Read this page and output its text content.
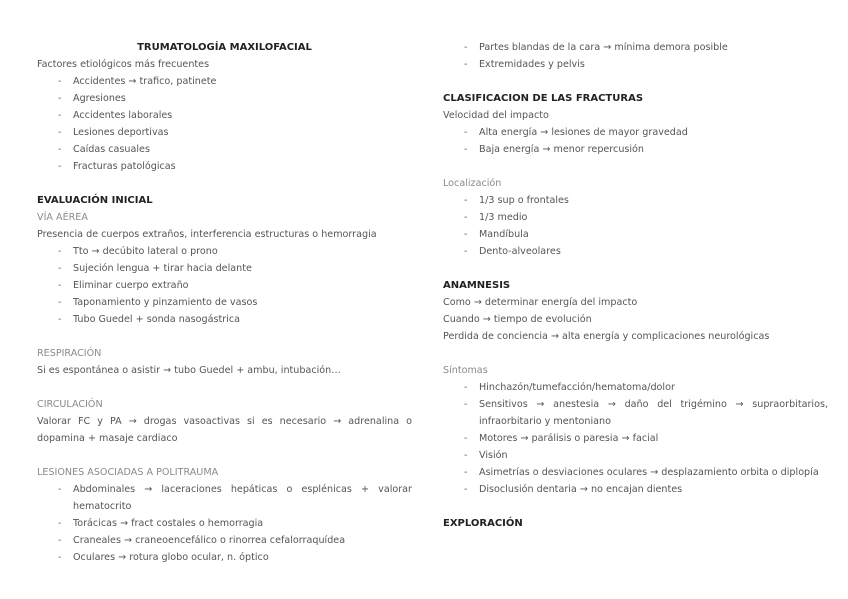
TRUMATOLOGÍA MAXILOFACIAL
Factores etiológicos más frecuentes
- Accidentes → trafico, patinete
- Agresiones
- Accidentes laborales
- Lesiones deportivas
- Caídas casuales
- Fracturas patológicas
EVALUACIÓN INICIAL
VÍA AÉREA
Presencia de cuerpos extraños, interferencia estructuras o hemorragia
- Tto → decúbito lateral o prono
- Sujeción lengua + tirar hacia delante
- Eliminar cuerpo extraño
- Taponamiento y pinzamiento de vasos
- Tubo Guedel + sonda nasogástrica
RESPIRACIÓN
Si es espontánea o asistir → tubo Guedel + ambu, intubación…
CIRCULACIÓN
Valorar FC y PA → drogas vasoactivas si es necesario → adrenalina o dopamina + masaje cardiaco
LESIONES ASOCIADAS A POLITRAUMA
- Abdominales → laceraciones hepáticas o esplénicas + valorar hematocrito
- Torácicas → fract costales o hemorragia
- Craneales → craneoencefálico o rinorrea cefalorraquídea
- Oculares → rotura globo ocular, n. óptico
- Partes blandas de la cara → mínima demora posible
- Extremidades y pelvis
CLASIFICACION DE LAS FRACTURAS
Velocidad del impacto
- Alta energía → lesiones de mayor gravedad
- Baja energía → menor repercusión
Localización
- 1/3 sup o frontales
- 1/3 medio
- Mandíbula
- Dento-alveolares
ANAMNESIS
Como → determinar energía del impacto
Cuando → tiempo de evolución
Perdida de conciencia → alta energía y complicaciones neurológicas
Síntomas
- Hinchazón/tumefacción/hematoma/dolor
- Sensitivos → anestesia → daño del trigémino → supraorbitarios, infraorbitario y mentoniano
- Motores → parálisis o paresia → facial
- Visión
- Asimetrías o desviaciones oculares → desplazamiento orbita o diplopía
- Disoclusión dentaria → no encajan dientes
EXPLORACIÓN
